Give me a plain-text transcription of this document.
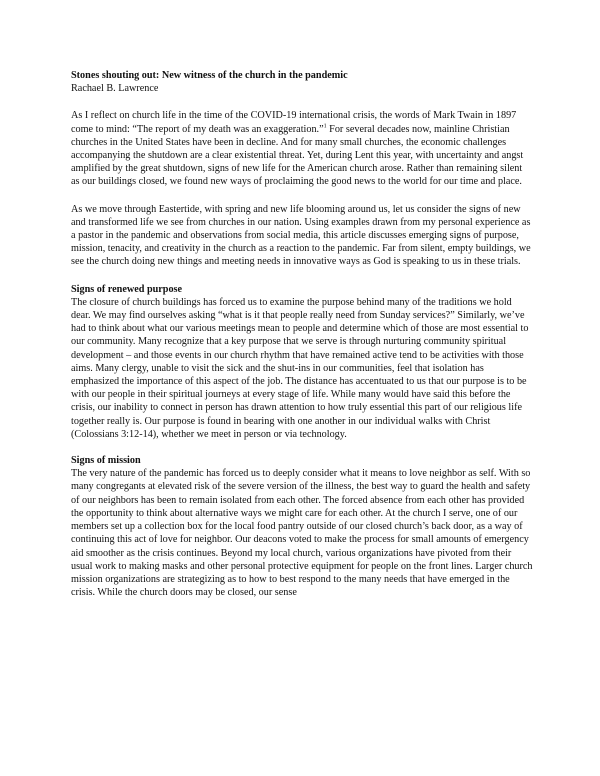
Stones shouting out: New witness of the church in the pandemic

Rachael B. Lawrence

As I reflect on church life in the time of the COVID-19 international crisis, the words of Mark Twain in 1897 come to mind: “The report of my death was an exaggeration.”$^1$ For several decades now, mainline Christian churches in the United States have been in decline. And for many small churches, the economic challenges accompanying the shutdown are a clear existential threat. Yet, during Lent this year, with uncertainty and angst amplified by the great shutdown, signs of new life for the American church arose. Rather than remaining silent as our buildings closed, we found new ways of proclaiming the good news to the world for our time and place.

As we move through Eastertide, with spring and new life blooming around us, let us consider the signs of new and transformed life we see from churches in our nation. Using examples drawn from my personal experience as a pastor in the pandemic and observations from social media, this article discusses emerging signs of purpose, mission, tenacity, and creativity in the church as a reaction to the pandemic. Far from silent, empty buildings, we see the church doing new things and meeting needs in innovative ways as God is speaking to us in these trials.

Signs of renewed purpose

The closure of church buildings has forced us to examine the purpose behind many of the traditions we hold dear. We may find ourselves asking “what is it that people really need from Sunday services?” Similarly, we’ve had to think about what our various meetings mean to people and determine which of those are most essential to our community. Many recognize that a key purpose that we serve is through nurturing community spiritual development – and those events in our church rhythm that have remained active tend to be activities with those aims. Many clergy, unable to visit the sick and the shut-ins in our communities, feel that isolation has emphasized the importance of this aspect of the job. The distance has accentuated to us that our purpose is to be with our people in their spiritual journeys at every stage of life. While many would have said this before the crisis, our inability to connect in person has drawn attention to how truly essential this part of our religious life together really is. Our purpose is found in bearing with one another in our individual walks with Christ (Colossians 3:12-14), whether we meet in person or via technology.

Signs of mission

The very nature of the pandemic has forced us to deeply consider what it means to love neighbor as self. With so many congregants at elevated risk of the severe version of the illness, the best way to guard the health and safety of our neighbors has been to remain isolated from each other. The forced absence from each other has provided the opportunity to think about alternative ways we might care for each other. At the church I serve, one of our members set up a collection box for the local food pantry outside of our closed church’s back door, as a way of continuing this act of love for neighbor. Our deacons voted to make the process for small amounts of emergency aid smoother as the crisis continues. Beyond my local church, various organizations have pivoted from their usual work to making masks and other personal protective equipment for people on the front lines. Larger church mission organizations are strategizing as to how to best respond to the many needs that have emerged in the crisis. While the church doors may be closed, our sense
